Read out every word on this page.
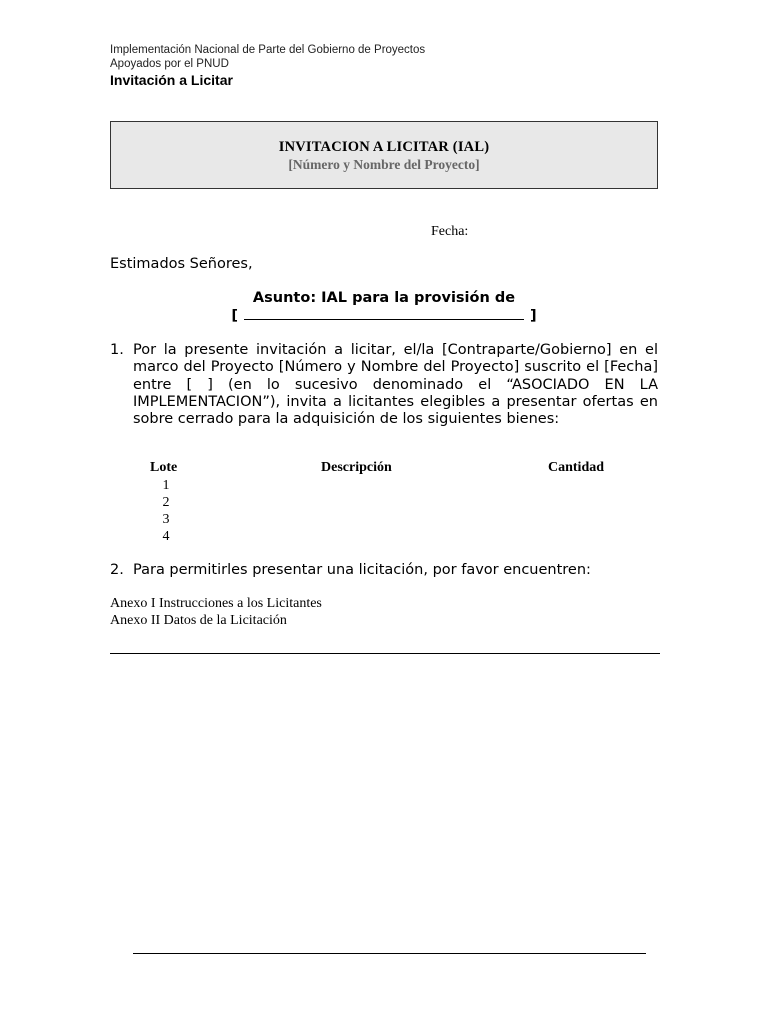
Implementación Nacional de Parte del Gobierno de Proyectos
Apoyados por el PNUD
Invitación a Licitar
INVITACION A LICITAR (IAL)
[Número y Nombre del Proyecto]
Fecha:
Estimados Señores,
Asunto: IAL para la provisión de
[	]
1. Por la presente invitación a licitar, el/la [Contraparte/Gobierno] en el marco del Proyecto [Número y Nombre del Proyecto] suscrito el [Fecha] entre [ ] (en lo sucesivo denominado el “ASOCIADO EN LA IMPLEMENTACION”), invita a licitantes elegibles a presentar ofertas en sobre cerrado para la adquisición de los siguientes bienes:
Lote	Descripción	Cantidad
1
2
3
4
2. Para permitirles presentar una licitación, por favor encuentren:
Anexo I Instrucciones a los Licitantes
Anexo II Datos de la Licitación
